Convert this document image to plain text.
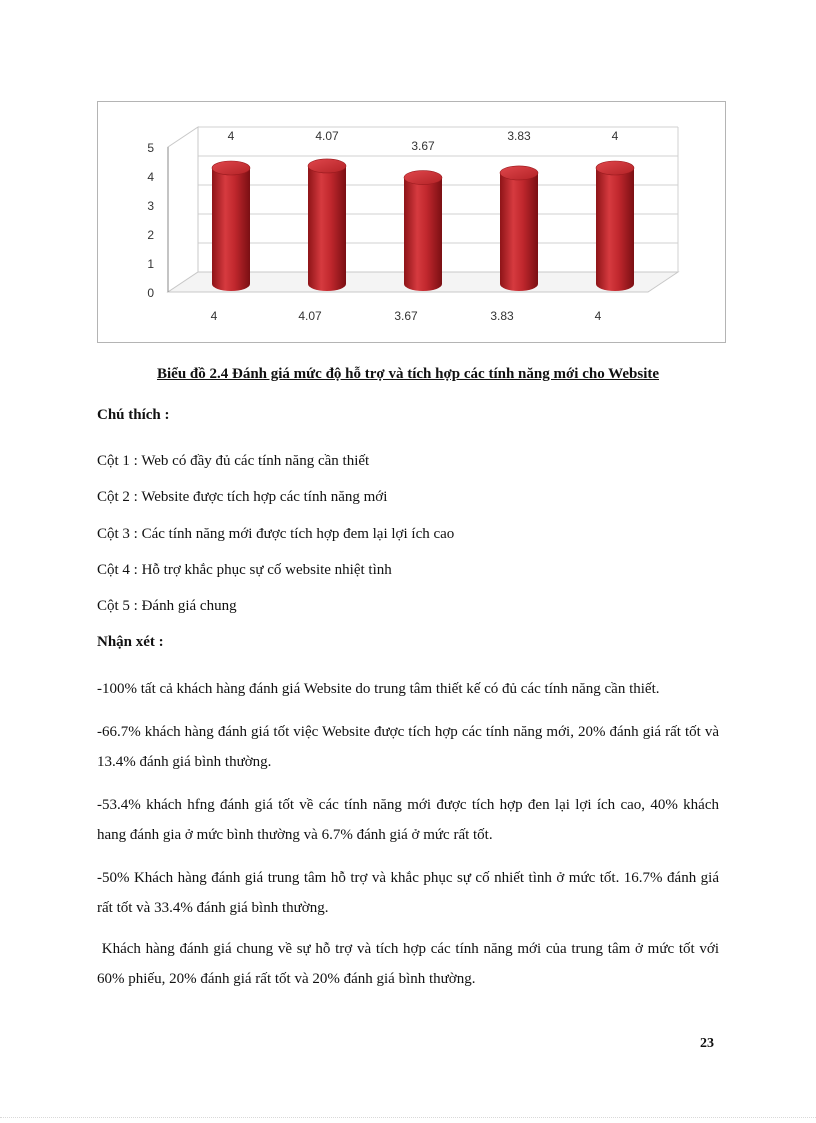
0
1
2
3
4
5
4
4
4.07
4.07
3.67
3.67
3.83
3.83
4
4
Biểu đồ 2.4 Đánh giá mức độ hỗ trợ và tích hợp các tính năng mới cho Website
Chú thích :
Cột 1 : Web có đầy đủ các tính năng cần thiết
Cột 2 : Website được tích hợp các tính năng mới
Cột 3 : Các tính năng mới được tích hợp đem lại lợi ích cao
Cột 4 : Hỗ trợ khắc phục sự cố website nhiệt tình
Cột 5 : Đánh giá chung
Nhận xét :
-100% tất cả khách hàng đánh giá Website do trung tâm thiết kế có đủ các tính năng cần thiết.
-66.7% khách hàng đánh giá tốt việc Website được tích hợp các tính năng mới, 20% đánh giá rất tốt và 13.4% đánh giá bình thường.
-53.4% khách hfng đánh giá tốt về các tính năng mới được tích hợp đen lại lợi ích cao, 40% khách hang đánh gia ở mức bình thường và 6.7% đánh giá ở mức rất tốt.
-50% Khách hàng đánh giá trung tâm hỗ trợ và khắc phục sự cố nhiết tình ở mức tốt. 16.7% đánh giá rất tốt và 33.4% đánh giá bình thường.
Khách hàng đánh giá chung về sự hỗ trợ và tích hợp các tính năng mới của trung tâm ở mức tốt với 60% phiếu, 20% đánh giá rất tốt và 20% đánh giá bình thường.
23
